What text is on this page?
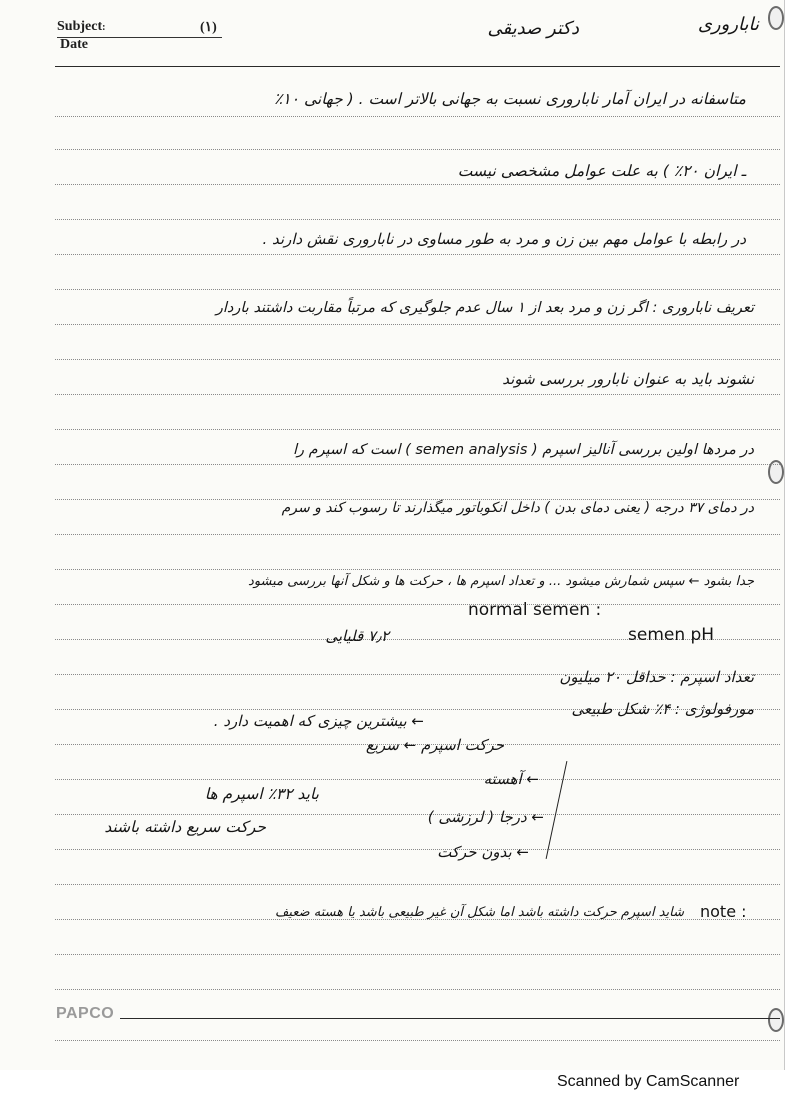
Subject:	(۱)
Date
دکتر صدیقی	ناباروری
متاسفانه در ایران آمار ناباروری نسبت به جهانی بالاتر است . ( جهانی ۱۰٪
ـ ایران ۲۰٪ ) به علت عوامل مشخصی نیست
در رابطه با عوامل مهم بین زن و مرد به طور مساوی در ناباروری نقش دارند .
تعریف ناباروری : اگر زن و مرد بعد از ۱ سال عدم جلوگیری که مرتباً مقاربت داشتند باردار
نشوند باید به عنوان نابارور بررسی شوند
در مردها اولین بررسی آنالیز اسپرم ( semen analysis ) است که اسپرم را
در دمای ۳۷ درجه ( یعنی دمای بدن ) داخل انکوباتور میگذارند تا رسوب کند و سرم
جدا بشود ← سپس شمارش میشود ... و تعداد اسپرم ها ، حرکت ها و شکل آنها بررسی میشود
normal semen :
۷٫۲ قلیایی	semen pH
تعداد اسپرم : حداقل ۲۰ میلیون
مورفولوژی : ۴٪ شکل طبیعی
← بیشترین چیزی که اهمیت دارد .
حرکت اسپرم ← سریع
← آهسته
← درجا ( لرزشی )
← بدون حرکت
باید ۳۲٪ اسپرم ها
حرکت سریع داشته باشند
note :
شاید اسپرم حرکت داشته باشد اما شکل آن غیر طبیعی باشد یا هسته ضعیف
PAPCO
Scanned by CamScanner
